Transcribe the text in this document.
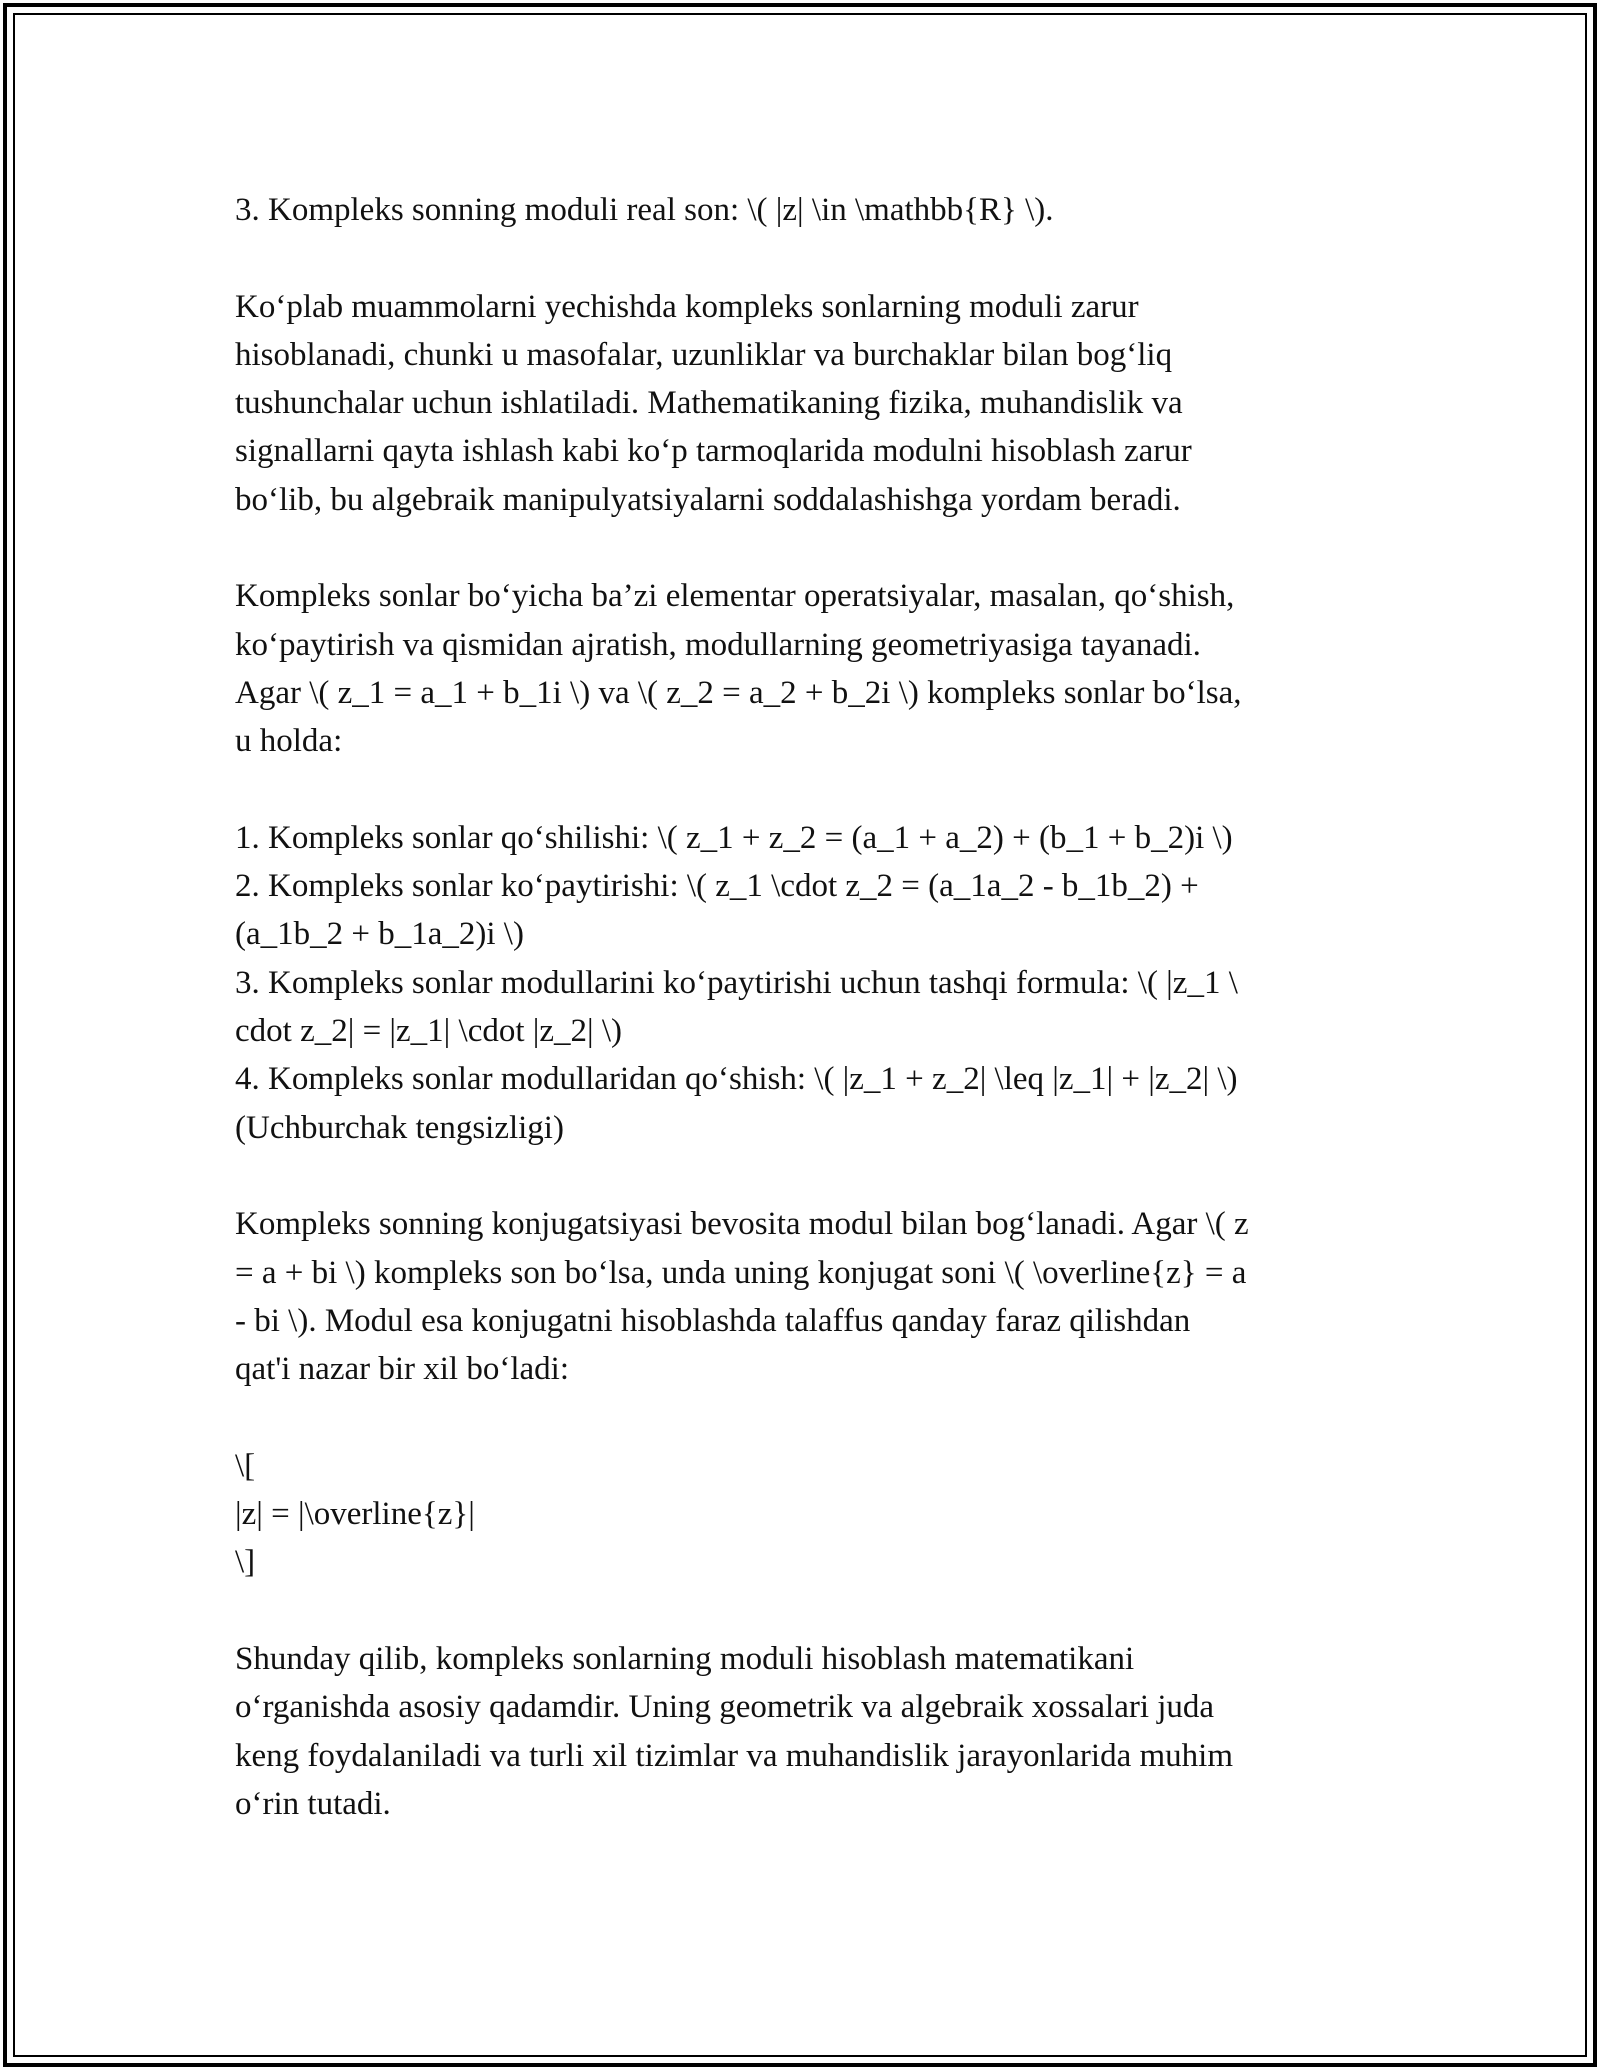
3. Kompleks sonning moduli real son: \( |z| \in \mathbb{R} \).
Ko‘plab muammolarni yechishda kompleks sonlarning moduli zarur
hisoblanadi, chunki u masofalar, uzunliklar va burchaklar bilan bog‘liq
tushunchalar uchun ishlatiladi. Mathematikaning fizika, muhandislik va
signallarni qayta ishlash kabi ko‘p tarmoqlarida modulni hisoblash zarur
bo‘lib, bu algebraik manipulyatsiyalarni soddalashishga yordam beradi.
Kompleks sonlar bo‘yicha ba’zi elementar operatsiyalar, masalan, qo‘shish,
ko‘paytirish va qismidan ajratish, modullarning geometriyasiga tayanadi.
Agar \( z_1 = a_1 + b_1i \) va \( z_2 = a_2 + b_2i \) kompleks sonlar bo‘lsa,
u holda:
1. Kompleks sonlar qo‘shilishi: \( z_1 + z_2 = (a_1 + a_2) + (b_1 + b_2)i \)
2. Kompleks sonlar ko‘paytirishi: \( z_1 \cdot z_2 = (a_1a_2 - b_1b_2) +
(a_1b_2 + b_1a_2)i \)
3. Kompleks sonlar modullarini ko‘paytirishi uchun tashqi formula: \( |z_1 \
cdot z_2| = |z_1| \cdot |z_2| \)
4. Kompleks sonlar modullaridan qo‘shish: \( |z_1 + z_2| \leq |z_1| + |z_2| \)
(Uchburchak tengsizligi)
Kompleks sonning konjugatsiyasi bevosita modul bilan bog‘lanadi. Agar \( z
= a + bi \) kompleks son bo‘lsa, unda uning konjugat soni \( \overline{z} = a
- bi \). Modul esa konjugatni hisoblashda talaffus qanday faraz qilishdan
qat'i nazar bir xil bo‘ladi:
\[
|z| = |\overline{z}|
\]
Shunday qilib, kompleks sonlarning moduli hisoblash matematikani
o‘rganishda asosiy qadamdir. Uning geometrik va algebraik xossalari juda
keng foydalaniladi va turli xil tizimlar va muhandislik jarayonlarida muhim
o‘rin tutadi.
